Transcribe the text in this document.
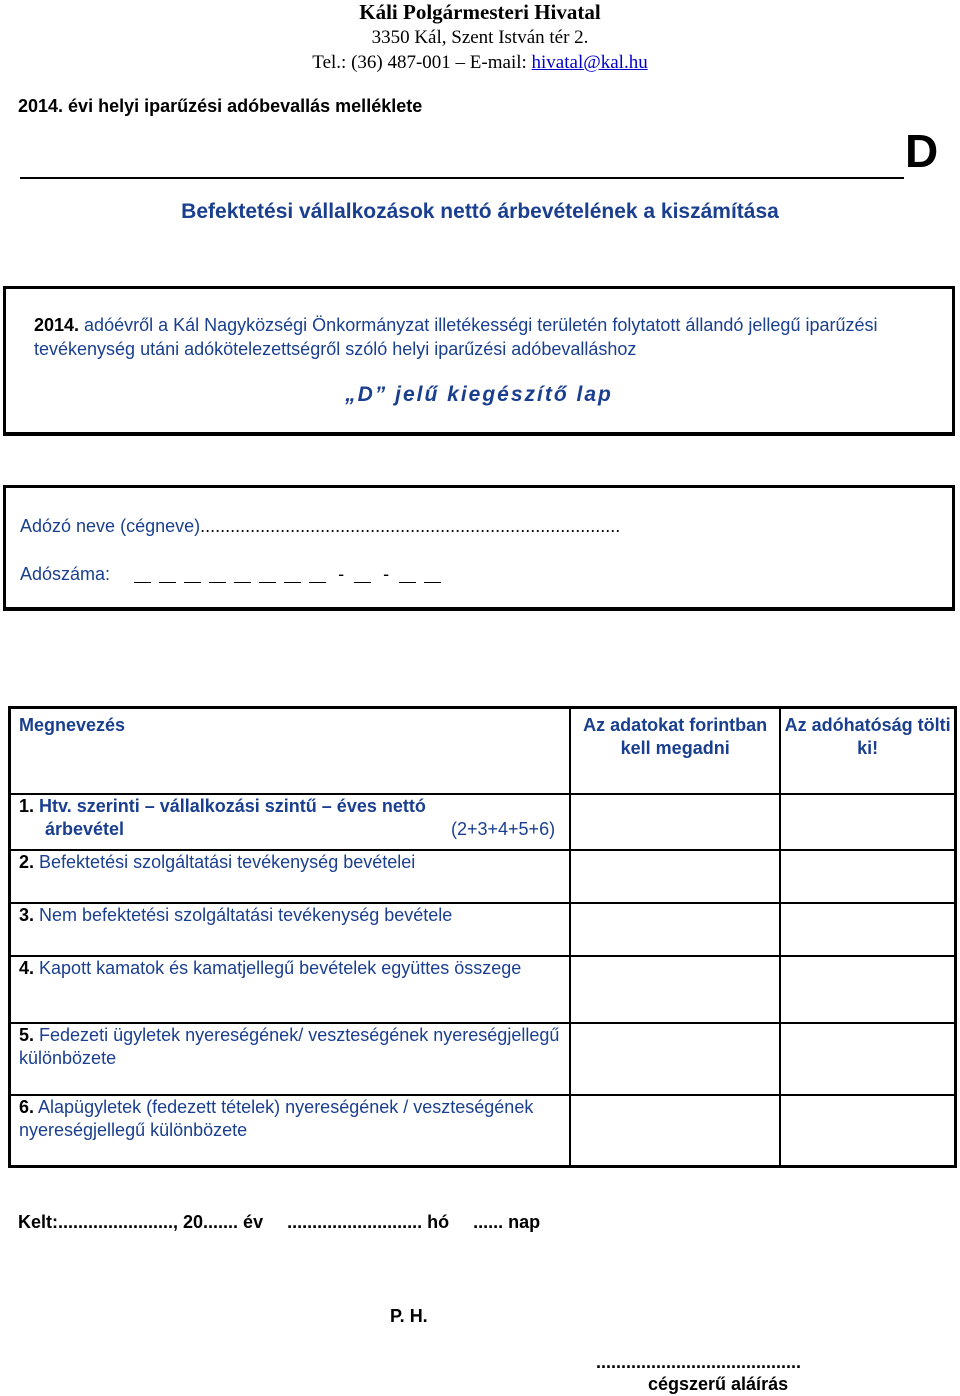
Káli Polgármesteri Hivatal
3350 Kál, Szent István tér 2.
Tel.: (36) 487-001 – E-mail: hivatal@kal.hu
2014. évi helyi iparűzési adóbevallás melléklete
D
Befektetési vállalkozások nettó árbevételének a kiszámítása
2014. adóévről a Kál Nagyközségi Önkormányzat illetékességi területén folytatott állandó jellegű iparűzési tevékenység utáni adókötelezettségről szóló helyi iparűzési adóbevalláshoz
„D” jelű kiegészítő lap
Adózó neve (cégneve)....................................................................................
Adószáma:	- -
Megnevezés	Az adatokat forintban kell megadni	Az adóhatóság tölti ki!

1. Htv. szerinti – vállalkozási szintű – éves nettó
árbevétel (2+3+4+5+6)		

2. Befektetési szolgáltatási tevékenység bevételei		
3. Nem befektetési szolgáltatási tevékenység bevétele		
4. Kapott kamatok és kamatjellegű bevételek együttes összege		
5. Fedezeti ügyletek nyereségének/ veszteségének nyereségjellegű különbözete		
6. Alapügyletek (fedezett tételek) nyereségének / veszteségének nyereségjellegű különbözete		
Kelt:......................., 20....... év ........................... hó ...... nap
P. H.
.........................................
cégszerű aláírás
